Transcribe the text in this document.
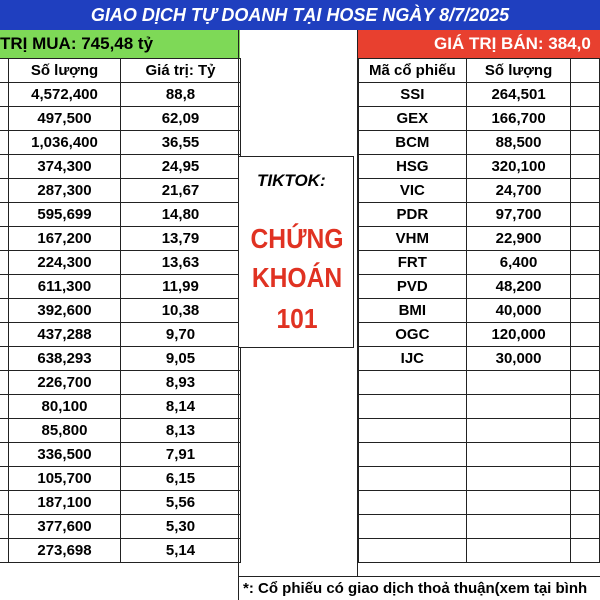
GIAO DỊCH TỰ DOANH TẠI HOSE NGÀY 8/7/2025
TRỊ MUA: 745,48 tỷ	GIÁ TRỊ BÁN: 384,0
	Số lượng	Giá trị: Tỷ
	4,572,400	88,8
	497,500	62,09
	1,036,400	36,55
	374,300	24,95
	287,300	21,67
	595,699	14,80
	167,200	13,79
	224,300	13,63
	611,300	11,99
	392,600	10,38
	437,288	9,70
	638,293	9,05
	226,700	8,93
	80,100	8,14
	85,800	8,13
	336,500	7,91
	105,700	6,15
	187,100	5,56
	377,600	5,30
	273,698	5,14
Mã cổ phiếu	Số lượng	
SSI	264,501	
GEX	166,700	
BCM	88,500	
HSG	320,100	
VIC	24,700	
PDR	97,700	
VHM	22,900	
FRT	6,400	
PVD	48,200	
BMI	40,000	
OGC	120,000	
IJC	30,000	

TIKTOK:
CHỨNG
KHOÁN
101
*: Cổ phiếu có giao dịch thoả thuận(xem tại bình
